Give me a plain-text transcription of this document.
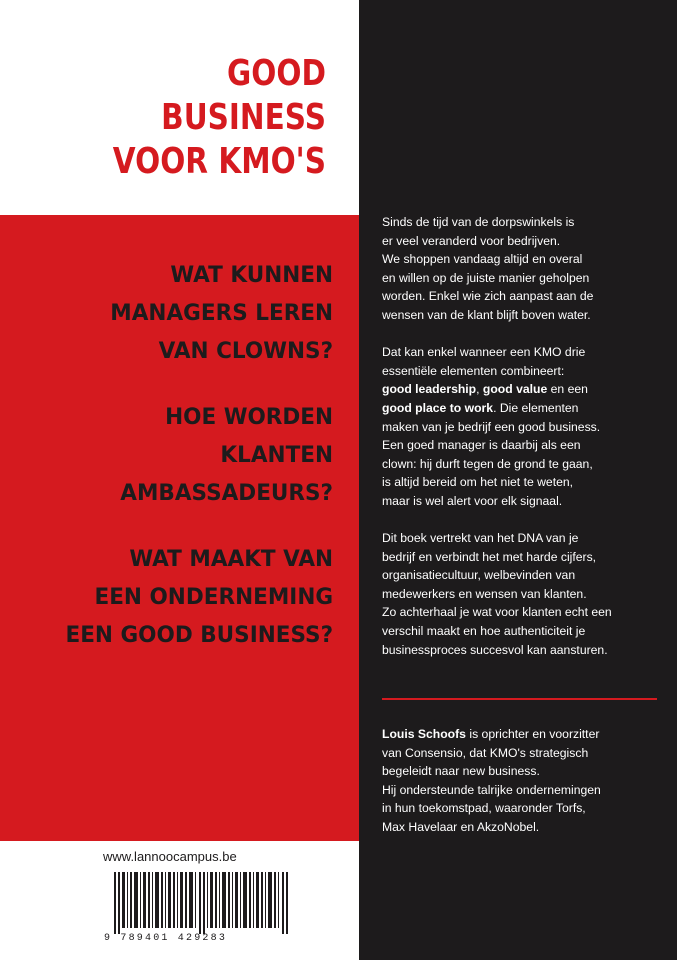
GOOD
BUSINESS
VOOR KMO'S

WAT KUNNEN
MANAGERS LEREN
VAN CLOWNS?

HOE WORDEN
KLANTEN
AMBASSADEURS?

WAT MAAKT VAN
EEN ONDERNEMING
EEN GOOD BUSINESS?

www.lannoocampus.be
9 789401 429283

Sinds de tijd van de dorpswinkels is
er veel veranderd voor bedrijven.
We shoppen vandaag altijd en overal
en willen op de juiste manier geholpen
worden. Enkel wie zich aanpast aan de
wensen van de klant blijft boven water.

Dat kan enkel wanneer een KMO drie
essentiële elementen combineert:
good leadership, good value en een
good place to work. Die elementen
maken van je bedrijf een good business.
Een goed manager is daarbij als een
clown: hij durft tegen de grond te gaan,
is altijd bereid om het niet te weten,
maar is wel alert voor elk signaal.

Dit boek vertrekt van het DNA van je
bedrijf en verbindt het met harde cijfers,
organisatiecultuur, welbevinden van
medewerkers en wensen van klanten.
Zo achterhaal je wat voor klanten echt een
verschil maakt en hoe authenticiteit je
businessproces succesvol kan aansturen.

Louis Schoofs is oprichter en voorzitter
van Consensio, dat KMO's strategisch
begeleidt naar new business.
Hij ondersteunde talrijke ondernemingen
in hun toekomstpad, waaronder Torfs,
Max Havelaar en AkzoNobel.
